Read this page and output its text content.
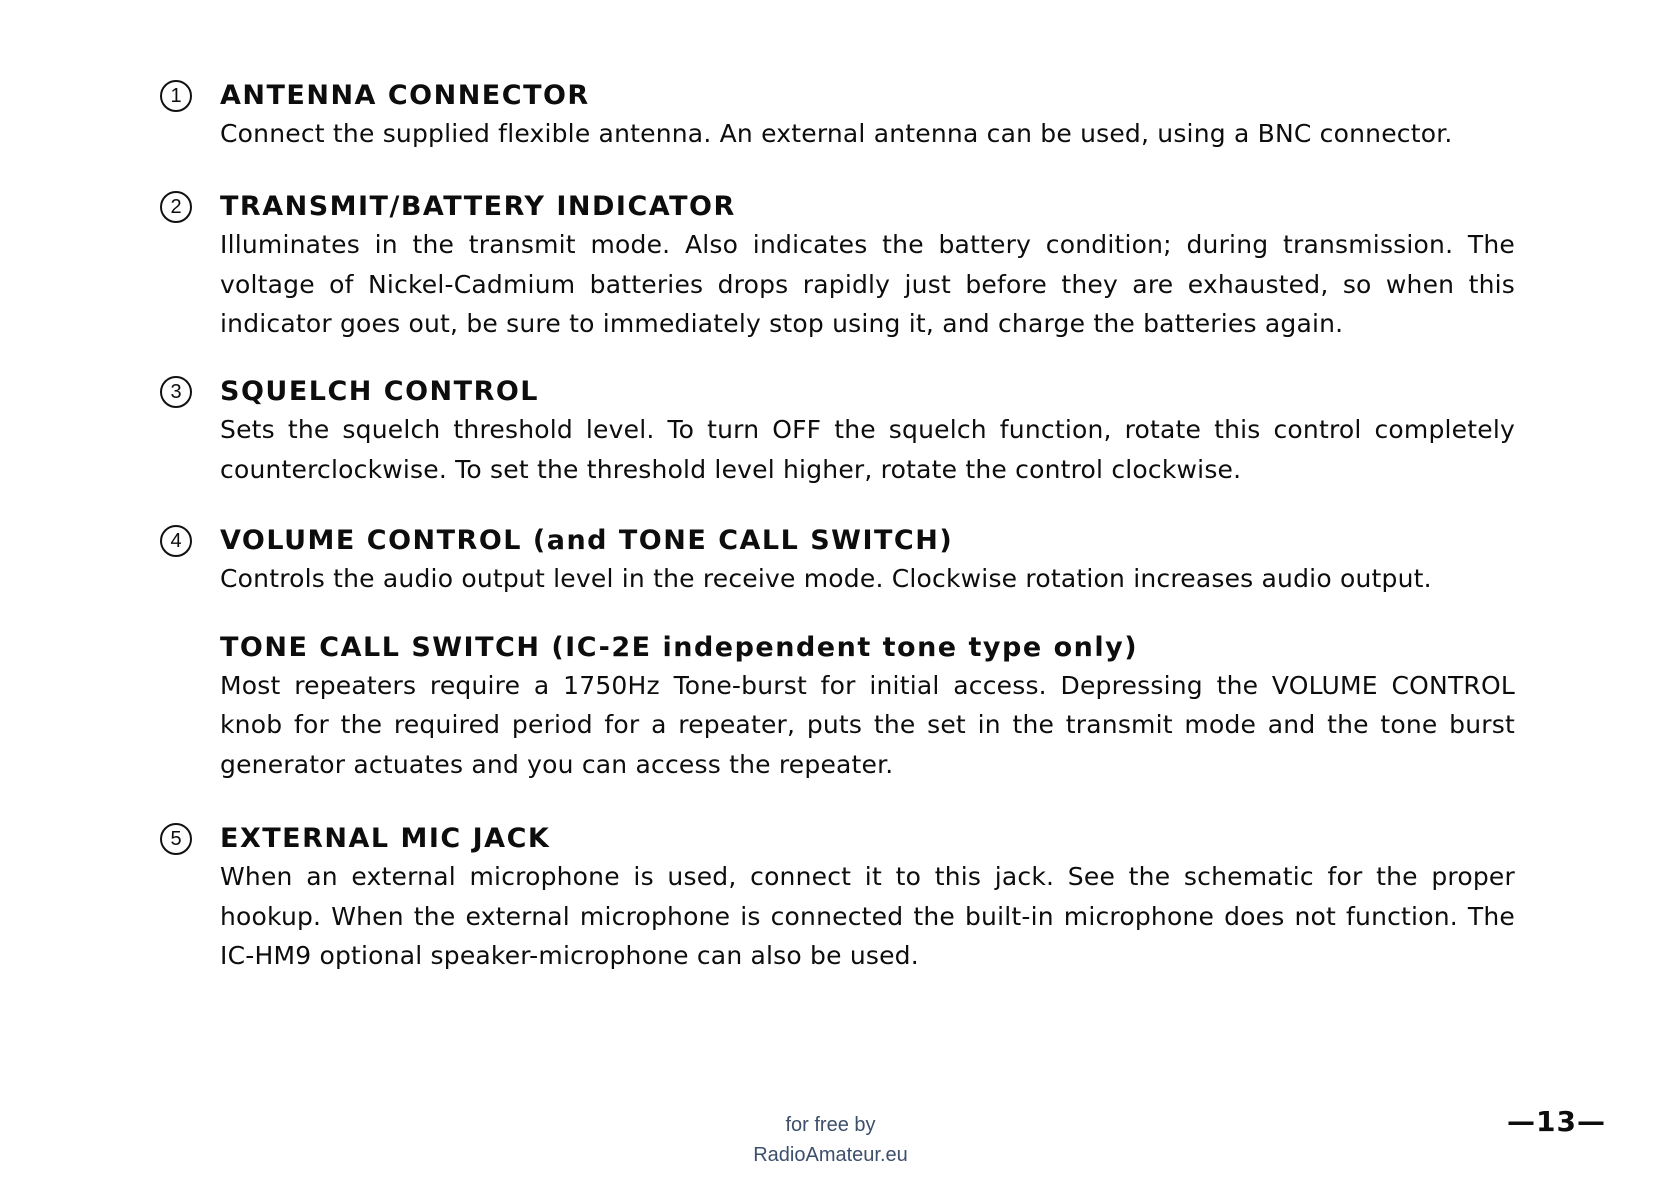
1	ANTENNA CONNECTOR

Connect the supplied flexible antenna. An external antenna can be used, using a BNC connector.

2	TRANSMIT/BATTERY INDICATOR

Illuminates in the transmit mode. Also indicates the battery condition; during transmission. The voltage of Nickel-Cadmium batteries drops rapidly just before they are exhausted, so when this indicator goes out, be sure to immediately stop using it, and charge the batteries again.

3	SQUELCH CONTROL

Sets the squelch threshold level. To turn OFF the squelch function, rotate this control completely counterclockwise. To set the threshold level higher, rotate the control clockwise.

4	VOLUME CONTROL (and TONE CALL SWITCH)

Controls the audio output level in the receive mode. Clockwise rotation increases audio output.

TONE CALL SWITCH (IC-2E independent tone type only)

Most repeaters require a 1750Hz Tone-burst for initial access. Depressing the VOLUME CONTROL knob for the required period for a repeater, puts the set in the transmit mode and the tone burst generator actuates and you can access the repeater.

5	EXTERNAL MIC JACK

When an external microphone is used, connect it to this jack. See the schematic for the proper hookup. When the external microphone is connected the built-in microphone does not function. The IC-HM9 optional speaker-microphone can also be used.

for free by
RadioAmateur.eu
—13—
